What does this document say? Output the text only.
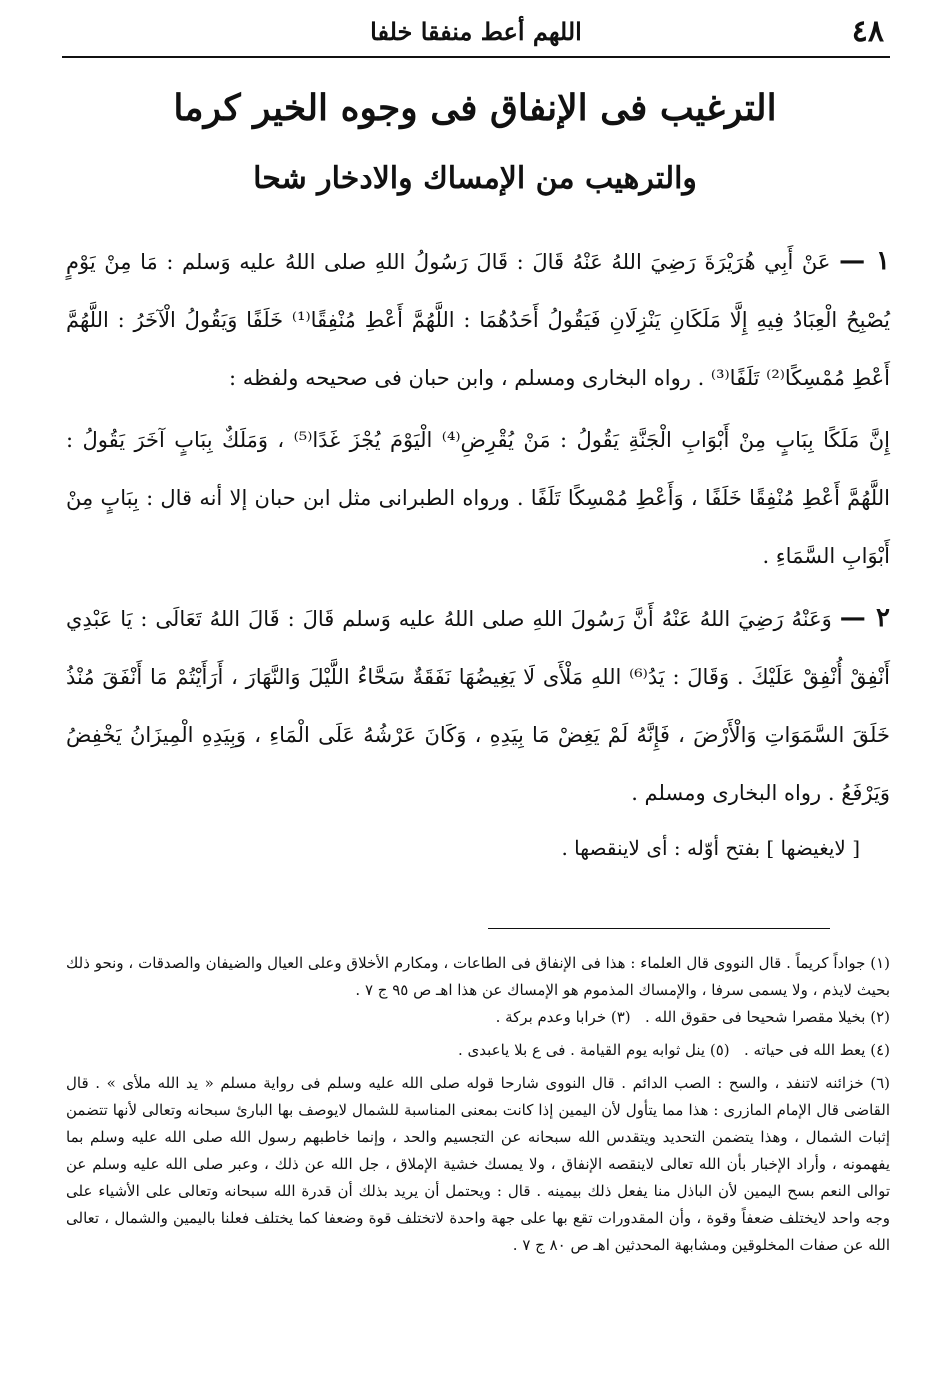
٤٨
اللهم أعط منفقا خلفا
الترغيب فى الإنفاق فى وجوه الخير كرما
والترهيب من الإمساك والادخار شحا

١ — عَنْ أَبِي هُرَيْرَةَ رَضِيَ اللهُ عَنْهُ قَالَ : قَالَ رَسُولُ اللهِ صلى اللهُ عليه وَسلم : مَا مِنْ يَوْمٍ يُصْبِحُ الْعِبَادُ فِيهِ إِلَّا مَلَكَانِ يَنْزِلَانِ فَيَقُولُ أَحَدُهُمَا : اللَّهُمَّ أَعْطِ مُنْفِقًا⁽¹⁾ خَلَفًا وَيَقُولُ الْآخَرُ : اللَّهُمَّ أَعْطِ مُمْسِكًا⁽²⁾ تَلَفًا⁽³⁾ . رواه البخارى ومسلم ، وابن حبان فى صحيحه ولفظه :

إِنَّ مَلَكًا بِبَابٍ مِنْ أَبْوَابِ الْجَنَّةِ يَقُولُ : مَنْ يُقْرِضِ⁽⁴⁾ الْيَوْمَ يُجْزَ غَدًا⁽⁵⁾ ، وَمَلَكٌ بِبَابٍ آخَرَ يَقُولُ : اللَّهُمَّ أَعْطِ مُنْفِقًا خَلَفًا ، وَأَعْطِ مُمْسِكًا تَلَفًا . ورواه الطبرانى مثل ابن حبان إلا أنه قال : بِبَابٍ مِنْ أَبْوَابِ السَّمَاءِ .

٢ — وَعَنْهُ رَضِيَ اللهُ عَنْهُ أَنَّ رَسُولَ اللهِ صلى اللهُ عليه وَسلم قَالَ : قَالَ اللهُ تَعَالَى : يَا عَبْدِي أَنْفِقْ أُنْفِقْ عَلَيْكَ . وَقَالَ : يَدُ⁽⁶⁾ اللهِ مَلْأَى لَا يَغِيضُهَا نَفَقَةٌ سَحَّاءُ اللَّيْلَ وَالنَّهَارَ ، أَرَأَيْتُمْ مَا أَنْفَقَ مُنْذُ خَلَقَ السَّمَوَاتِ وَالْأَرْضَ ، فَإِنَّهُ لَمْ يَغِضْ مَا بِيَدِهِ ، وَكَانَ عَرْشُهُ عَلَى الْمَاءِ ، وَبِيَدِهِ الْمِيزَانُ يَخْفِضُ وَيَرْفَعُ . رواه البخارى ومسلم .

[ لايغيضها ] بفتح أوّله : أى لاينقصها .

(١) جواداً كريماً . قال النووى قال العلماء : هذا فى الإنفاق فى الطاعات ، ومكارم الأخلاق وعلى العيال والضيفان والصدقات ، ونحو ذلك بحيث لايذم ، ولا يسمى سرفا ، والإمساك المذموم هو الإمساك عن هذا اهـ ص ٩٥ ج ٧ .

(٢) بخيلا مقصرا شحيحا فى حقوق الله .   (٣) خرابا وعدم بركة .

(٤) يعط الله فى حياته .   (٥) ينل ثوابه يوم القيامة . فى ع بلا ياعبدى .

(٦) خزائنه لاتنفد ، والسح : الصب الدائم . قال النووى شارحا قوله صلى الله عليه وسلم فى رواية مسلم « يد الله ملأى » . قال القاضى قال الإمام المازرى : هذا مما يتأول لأن اليمين إذا كانت بمعنى المناسبة للشمال لايوصف بها البارئ سبحانه وتعالى لأنها تتضمن إثبات الشمال ، وهذا يتضمن التحديد ويتقدس الله سبحانه عن التجسيم والحد ، وإنما خاطبهم رسول الله صلى الله عليه وسلم بما يفهمونه ، وأراد الإخبار بأن الله تعالى لاينقصه الإنفاق ، ولا يمسك خشية الإملاق ، جل الله عن ذلك ، وعبر صلى الله عليه وسلم عن توالى النعم بسح اليمين لأن الباذل منا يفعل ذلك بيمينه . قال : ويحتمل أن يريد بذلك أن قدرة الله سبحانه وتعالى على الأشياء على وجه واحد لايختلف ضعفاً وقوة ، وأن المقدورات تقع بها على جهة واحدة لاتختلف قوة وضعفا كما يختلف فعلنا باليمين والشمال ، تعالى الله عن صفات المخلوقين ومشابهة المحدثين اهـ ص ٨٠ ج ٧ .
